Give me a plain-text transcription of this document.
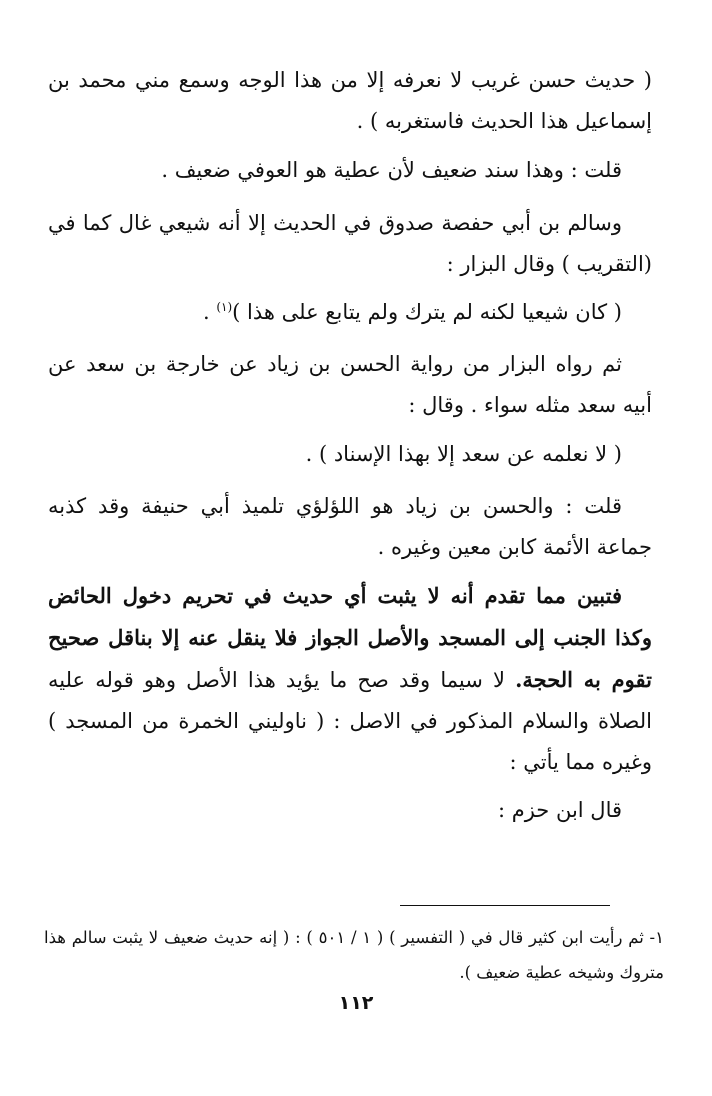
( حديث حسن غريب لا نعرفه إلا من هذا الوجه وسمع مني محمد بن إسماعيل هذا الحديث فاستغربه ) .

قلت : وهذا سند ضعيف لأن عطية هو العوفي ضعيف .

وسالم بن أبي حفصة صدوق في الحديث إلا أنه شيعي غال كما في (التقريب ) وقال البزار :

( كان شيعيا لكنه لم يترك ولم يتابع على هذا )$^{(١)}$ .

ثم رواه البزار من رواية الحسن بن زياد عن خارجة بن سعد عن أبيه سعد مثله سواء . وقال :

( لا نعلمه عن سعد إلا بهذا الإسناد ) .

قلت : والحسن بن زياد هو اللؤلؤي تلميذ أبي حنيفة وقد كذبه جماعة الأئمة كابن معين وغيره .

فتبين مما تقدم أنه لا يثبت أي حديث في تحريم دخول الحائض وكذا الجنب إلى المسجد والأصل الجواز فلا ينقل عنه إلا بناقل صحيح تقوم به الحجة. لا سيما وقد صح ما يؤيد هذا الأصل وهو قوله عليه الصلاة والسلام المذكور في الاصل : ( ناوليني الخمرة من المسجد ) وغيره مما يأتي :

قال ابن حزم :

١- ثم رأيت ابن كثير قال في ( التفسير ) ( ١ / ٥٠١ ) : ( إنه حديث ضعيف لا يثبت سالم هذا متروك وشيخه عطية ضعيف ).

١١٢
